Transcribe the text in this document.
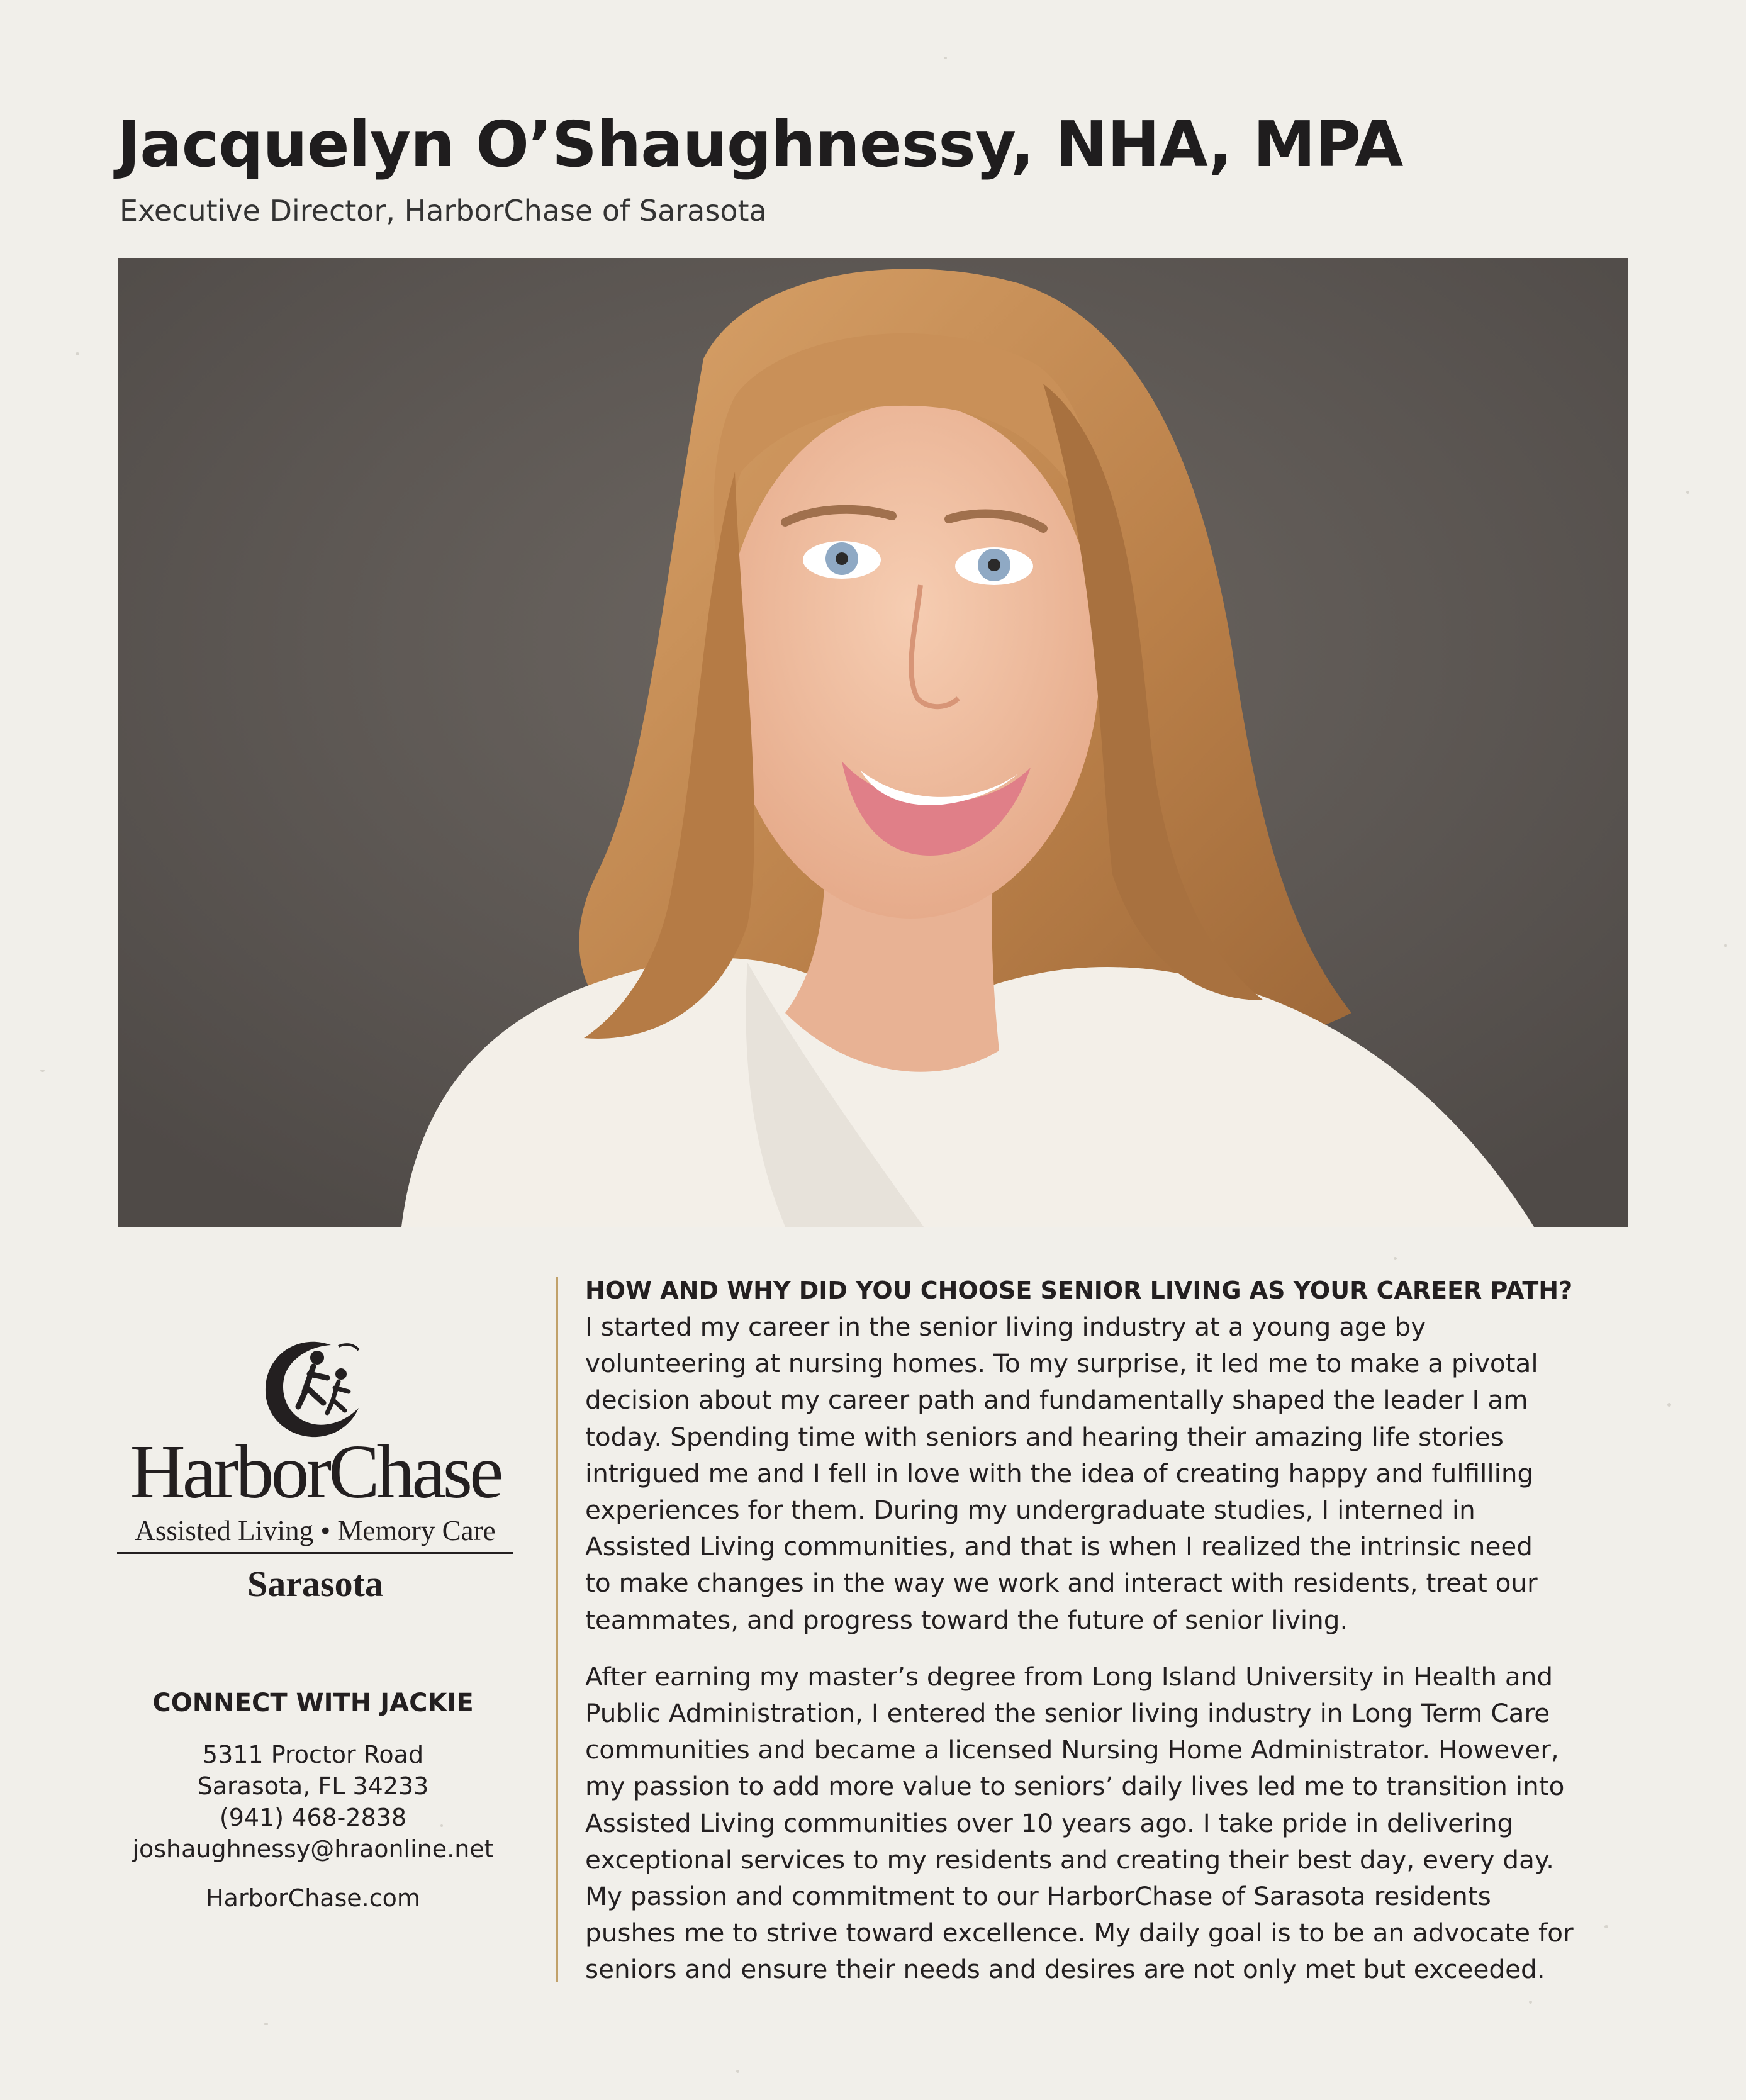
Jacquelyn O’Shaughnessy, NHA, MPA

Executive Director, HarborChase of Sarasota

HarborChase
Assisted Living • Memory Care
Sarasota

CONNECT WITH JACKIE

5311 Proctor Road

Sarasota, FL 34233

(941) 468-2838

joshaughnessy@hraonline.net

HarborChase.com

HOW AND WHY DID YOU CHOOSE SENIOR LIVING AS YOUR CAREER PATH?

I started my career in the senior living industry at a young age by
volunteering at nursing homes. To my surprise, it led me to make a pivotal
decision about my career path and fundamentally shaped the leader I am
today. Spending time with seniors and hearing their amazing life stories
intrigued me and I fell in love with the idea of creating happy and fulfilling
experiences for them. During my undergraduate studies, I interned in
Assisted Living communities, and that is when I realized the intrinsic need
to make changes in the way we work and interact with residents, treat our
teammates, and progress toward the future of senior living.

After earning my master’s degree from Long Island University in Health and
Public Administration, I entered the senior living industry in Long Term Care
communities and became a licensed Nursing Home Administrator. However,
my passion to add more value to seniors’ daily lives led me to transition into
Assisted Living communities over 10 years ago. I take pride in delivering
exceptional services to my residents and creating their best day, every day.
My passion and commitment to our HarborChase of Sarasota residents
pushes me to strive toward excellence. My daily goal is to be an advocate for
seniors and ensure their needs and desires are not only met but exceeded.
